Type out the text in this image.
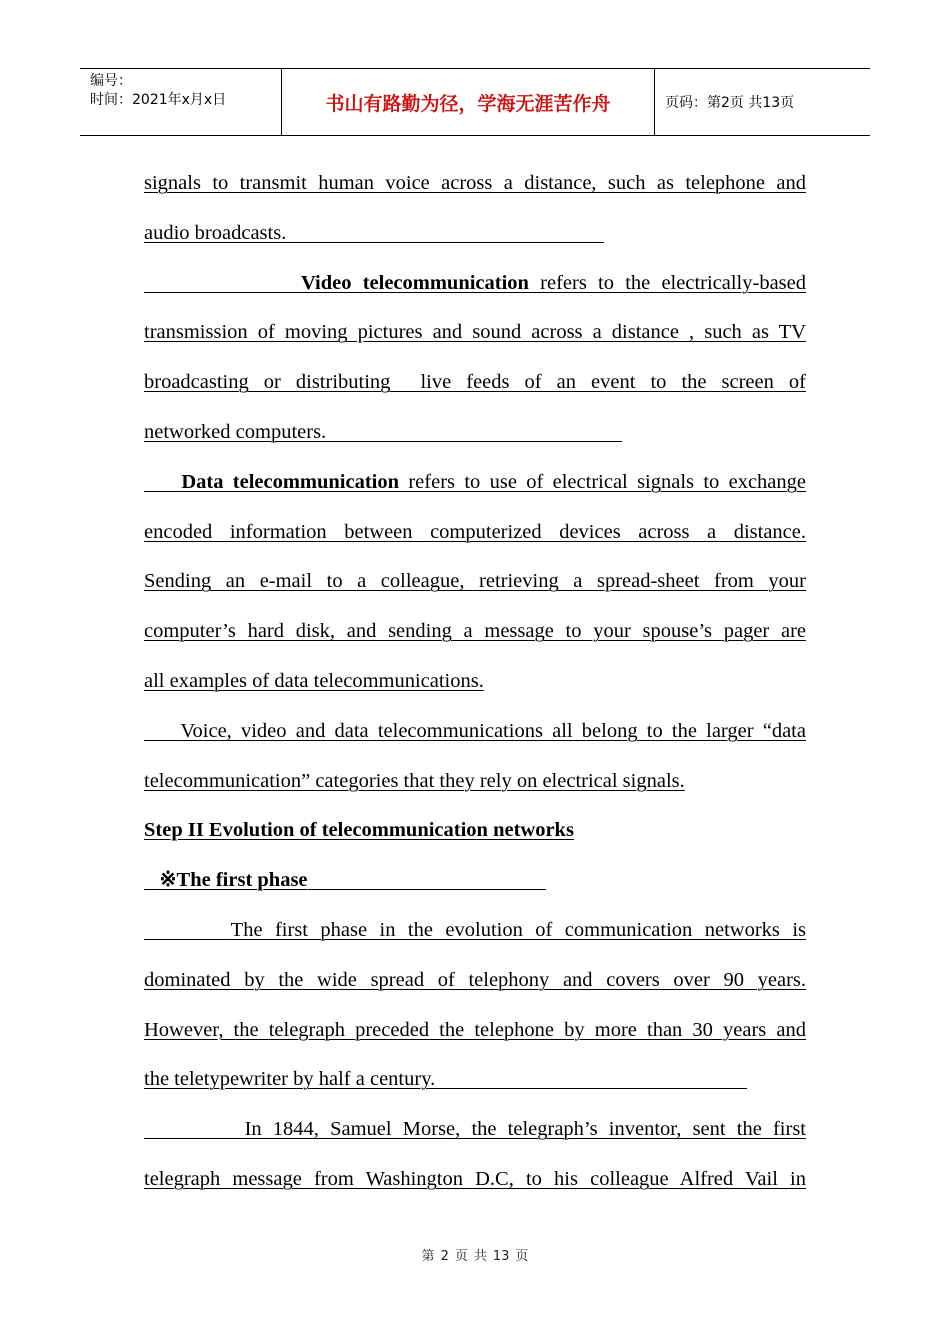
编号：
时间：2021年x月x日	书山有路勤为径，学海无涯苦作舟	页码：第2页 共13页
signals to transmit human voice across a distance, such as telephone and
audio broadcasts.
Video telecommunication refers to the electrically-based
transmission of moving pictures and sound across a distance , such as TV
broadcasting or distributing  live feeds of an event to the screen of
networked computers.
Data telecommunication refers to use of electrical signals to exchange
encoded information between computerized devices across a distance.
Sending an e-mail to a colleague, retrieving a spread-sheet from your
computer’s hard disk, and sending a message to your spouse’s pager are
all examples of data telecommunications.
Voice, video and data telecommunications all belong to the larger “data
telecommunication” categories that they rely on electrical signals.
Step II Evolution of telecommunication networks
※The first phase
The first phase in the evolution of communication networks is
dominated by the wide spread of telephony and covers over 90 years.
However, the telegraph preceded the telephone by more than 30 years and
the teletypewriter by half a century.
In 1844, Samuel Morse, the telegraph’s inventor, sent the first
telegraph message from Washington D.C, to his colleague Alfred Vail in
第 2 页 共 13 页
